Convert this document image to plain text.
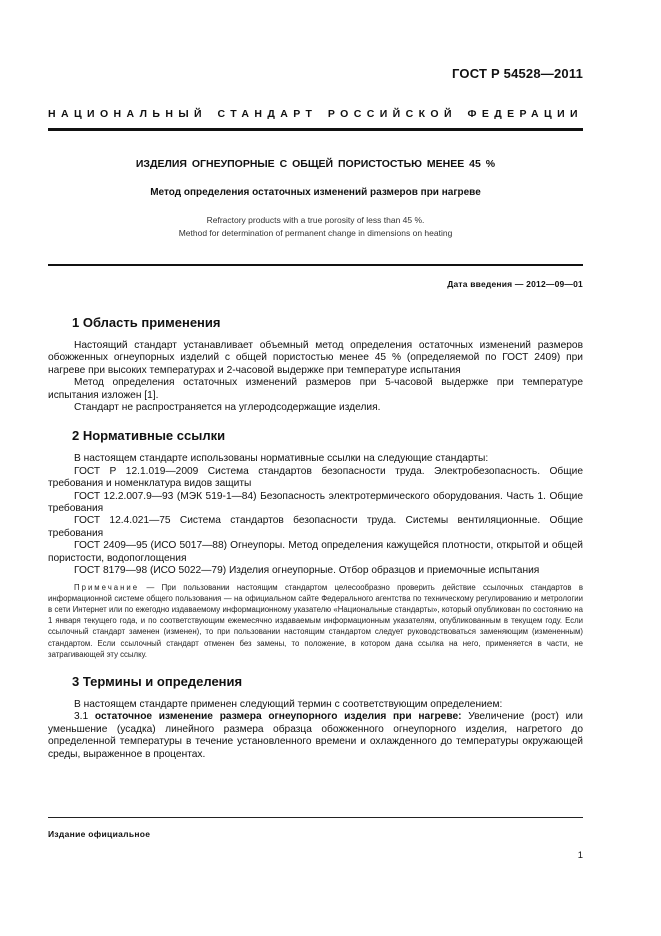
ГОСТ Р 54528—2011
НАЦИОНАЛЬНЫЙ СТАНДАРТ РОССИЙСКОЙ ФЕДЕРАЦИИ
ИЗДЕЛИЯ ОГНЕУПОРНЫЕ С ОБЩЕЙ ПОРИСТОСТЬЮ МЕНЕЕ 45 %
Метод определения остаточных изменений размеров при нагреве
Refractory products with a true porosity of less than 45 %.
Method for determination of permanent change in dimensions on heating
Дата введения — 2012—09—01
1 Область применения

Настоящий стандарт устанавливает объемный метод определения остаточных изменений размеров обожженных огнеупорных изделий с общей пористостью менее 45 % (определяемой по ГОСТ 2409) при нагреве при высоких температурах и 2-часовой выдержке при температуре испытания

Метод определения остаточных изменений размеров при 5-часовой выдержке при температуре испытания изложен [1].

Стандарт не распространяется на углеродсодержащие изделия.

2 Нормативные ссылки

В настоящем стандарте использованы нормативные ссылки на следующие стандарты:

ГОСТ Р 12.1.019—2009 Система стандартов безопасности труда. Электробезопасность. Общие требования и номенклатура видов защиты

ГОСТ 12.2.007.9—93 (МЭК 519-1—84) Безопасность электротермического оборудования. Часть 1. Общие требования

ГОСТ 12.4.021—75 Система стандартов безопасности труда. Системы вентиляционные. Общие требования

ГОСТ 2409—95 (ИСО 5017—88) Огнеупоры. Метод определения кажущейся плотности, открытой и общей пористости, водопоглощения

ГОСТ 8179—98 (ИСО 5022—79) Изделия огнеупорные. Отбор образцов и приемочные испытания

Примечание — При пользовании настоящим стандартом целесообразно проверить действие ссылочных стандартов в информационной системе общего пользования — на официальном сайте Федерального агентства по техническому регулированию и метрологии в сети Интернет или по ежегодно издаваемому информационному указателю «Национальные стандарты», который опубликован по состоянию на 1 января текущего года, и по соответствующим ежемесячно издаваемым информационным указателям, опубликованным в текущем году. Если ссылочный стандарт заменен (изменен), то при пользовании настоящим стандартом следует руководствоваться заменяющим (измененным) стандартом. Если ссылочный стандарт отменен без замены, то положение, в котором дана ссылка на него, применяется в части, не затрагивающей эту ссылку.

3 Термины и определения

В настоящем стандарте применен следующий термин с соответствующим определением:

3.1 остаточное изменение размера огнеупорного изделия при нагреве: Увеличение (рост) или уменьшение (усадка) линейного размера образца обожженного огнеупорного изделия, нагретого до определенной температуры в течение установленного времени и охлажденного до температуры окружающей среды, выраженное в процентах.

Издание официальное
1
